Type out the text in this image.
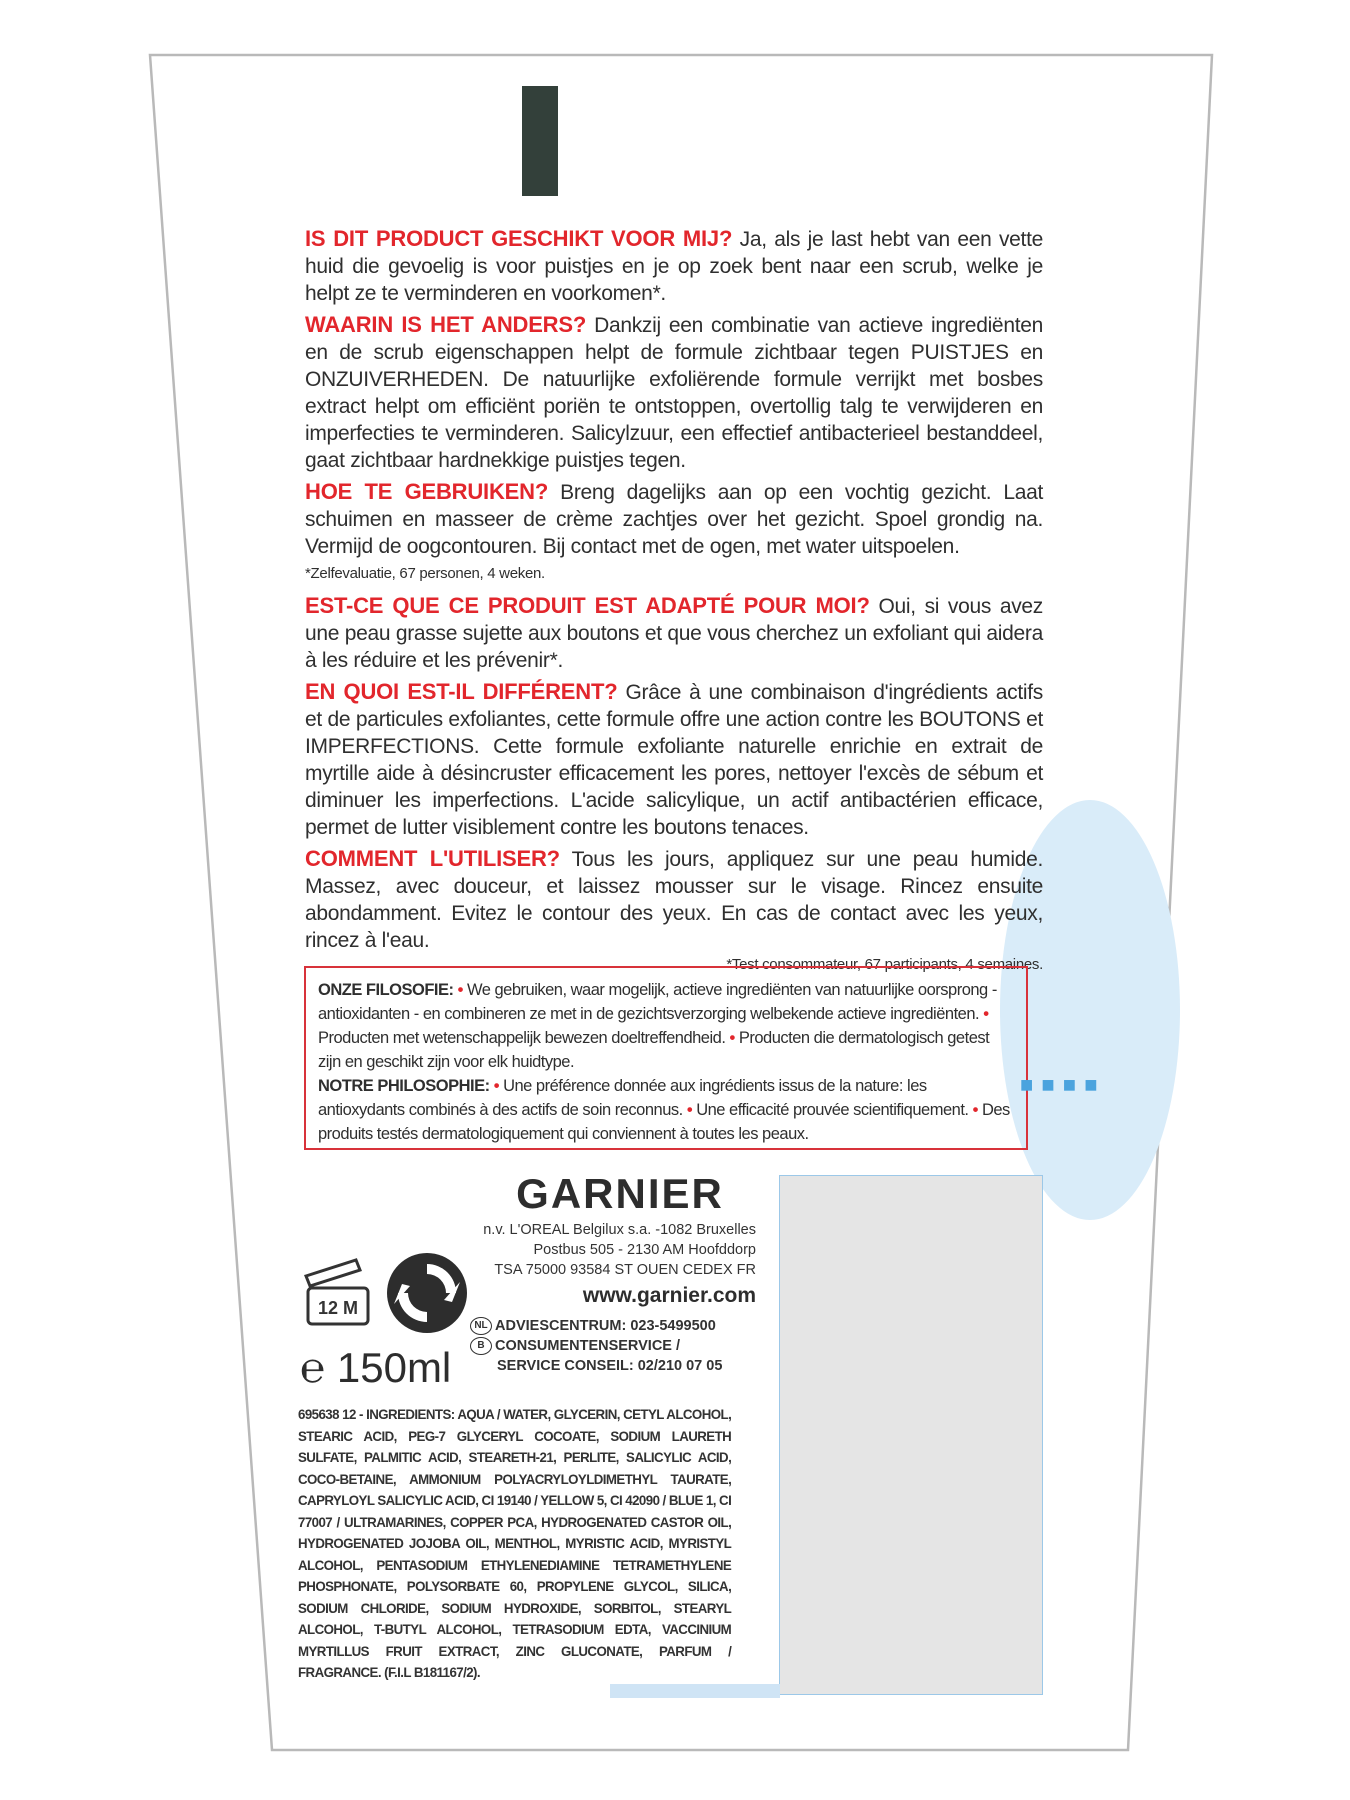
IS DIT PRODUCT GESCHIKT VOOR MIJ? Ja, als je last hebt van een vette huid die gevoelig is voor puistjes en je op zoek bent naar een scrub, welke je helpt ze te verminderen en voorkomen*.

WAARIN IS HET ANDERS? Dankzij een combinatie van actieve ingrediënten en de scrub eigenschappen helpt de formule zichtbaar tegen PUISTJES en ONZUIVERHEDEN. De natuurlijke exfoliërende formule verrijkt met bosbes extract helpt om efficiënt poriën te ontstoppen, overtollig talg te verwijderen en imperfecties te verminderen. Salicylzuur, een effectief antibacterieel bestanddeel, gaat zichtbaar hardnekkige puistjes tegen.

HOE TE GEBRUIKEN? Breng dagelijks aan op een vochtig gezicht. Laat schuimen en masseer de crème zachtjes over het gezicht. Spoel grondig na. Vermijd de oogcontouren. Bij contact met de ogen, met water uitspoelen.

*Zelfevaluatie, 67 personen, 4 weken.

EST-CE QUE CE PRODUIT EST ADAPTÉ POUR MOI? Oui, si vous avez une peau grasse sujette aux boutons et que vous cherchez un exfoliant qui aidera à les réduire et les prévenir*.

EN QUOI EST-IL DIFFÉRENT? Grâce à une combinaison d'ingrédients actifs et de particules exfoliantes, cette formule offre une action contre les BOUTONS et IMPERFECTIONS. Cette formule exfoliante naturelle enrichie en extrait de myrtille aide à désincruster efficacement les pores, nettoyer l'excès de sébum et diminuer les imperfections. L'acide salicylique, un actif antibactérien efficace, permet de lutter visiblement contre les boutons tenaces.

COMMENT L'UTILISER? Tous les jours, appliquez sur une peau humide. Massez, avec douceur, et laissez mousser sur le visage. Rincez ensuite abondamment. Evitez le contour des yeux. En cas de contact avec les yeux, rincez à l'eau.

*Test consommateur, 67 participants, 4 semaines.
ONZE FILOSOFIE: • We gebruiken, waar mogelijk, actieve ingrediënten van natuurlijke oorsprong - antioxidanten - en combineren ze met in de gezichtsverzorging welbekende actieve ingrediënten. • Producten met wetenschappelijk bewezen doeltreffendheid. • Producten die dermatologisch getest zijn en geschikt zijn voor elk huidtype.
NOTRE PHILOSOPHIE: • Une préférence donnée aux ingrédients issus de la nature: les antioxydants combinés à des actifs de soin reconnus. • Une efficacité prouvée scientifiquement. • Des produits testés dermatologiquement qui conviennent à toutes les peaux.
■ ■ ■ ■
GARNIER
n.v. L'OREAL Belgilux s.a. -1082 Bruxelles
Postbus 505 - 2130 AM Hoofddorp
TSA 75000 93584 ST OUEN CEDEX FR
www.garnier.com
NL ADVIESCENTRUM: 023-5499500
B CONSUMENTENSERVICE /
SERVICE CONSEIL: 02/210 07 05
12 M
℮ 150ml
695638 12 - INGREDIENTS: AQUA / WATER, GLYCERIN, CETYL ALCOHOL, STEARIC ACID, PEG-7 GLYCERYL COCOATE, SODIUM LAURETH SULFATE, PALMITIC ACID, STEARETH-21, PERLITE, SALICYLIC ACID, COCO-BETAINE, AMMONIUM POLYACRYLOYLDIMETHYL TAURATE, CAPRYLOYL SALICYLIC ACID, CI 19140 / YELLOW 5, CI 42090 / BLUE 1, CI 77007 / ULTRAMARINES, COPPER PCA, HYDROGENATED CASTOR OIL, HYDROGENATED JOJOBA OIL, MENTHOL, MYRISTIC ACID, MYRISTYL ALCOHOL, PENTASODIUM ETHYLENEDIAMINE TETRAMETHYLENE PHOSPHONATE, POLYSORBATE 60, PROPYLENE GLYCOL, SILICA, SODIUM CHLORIDE, SODIUM HYDROXIDE, SORBITOL, STEARYL ALCOHOL, T-BUTYL ALCOHOL, TETRASODIUM EDTA, VACCINIUM MYRTILLUS FRUIT EXTRACT, ZINC GLUCONATE, PARFUM / FRAGRANCE. (F.I.L B181167/2).
